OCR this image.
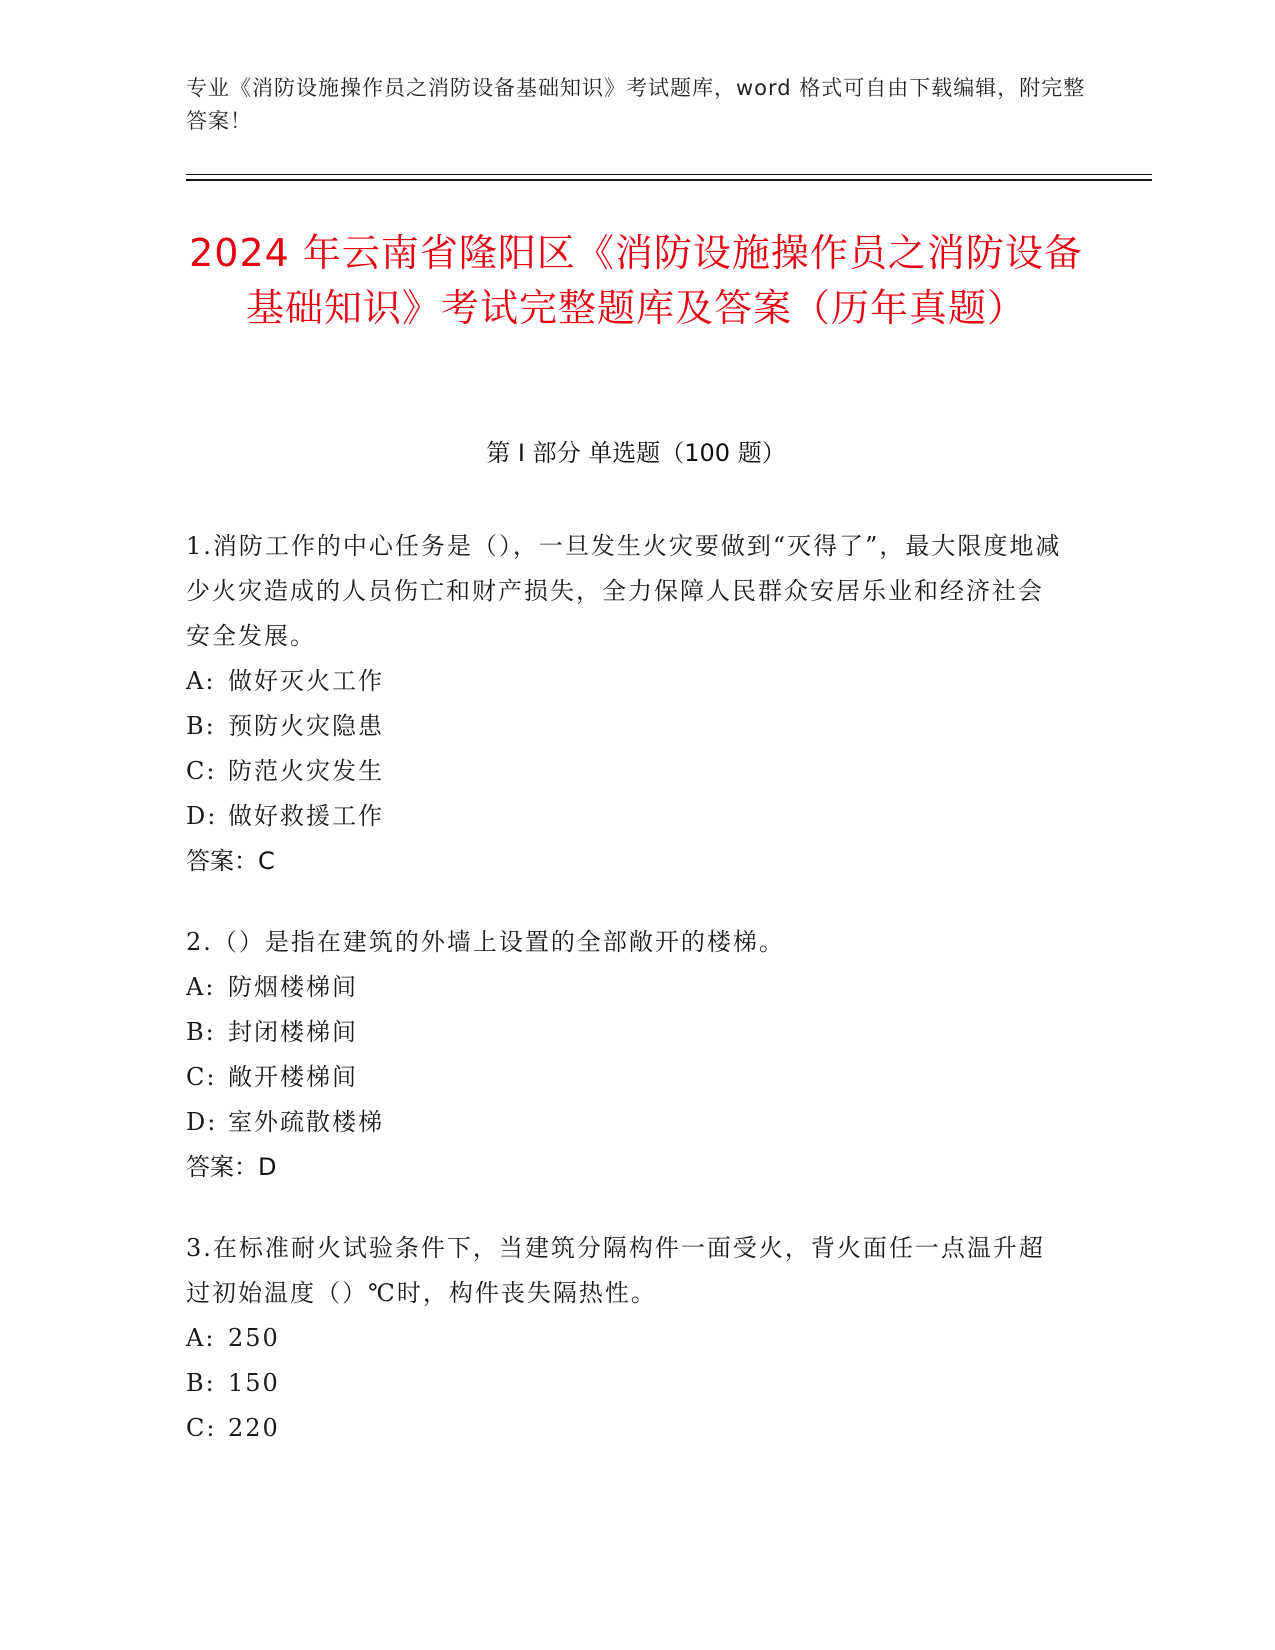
专业《消防设施操作员之消防设备基础知识》考试题库，word 格式可自由下载编辑，附完整答案！
2024 年云南省隆阳区《消防设施操作员之消防设备基础知识》考试完整题库及答案（历年真题）
第 I 部分 单选题（100 题）
1.消防工作的中心任务是（），一旦发生火灾要做到“灭得了”，最大限度地减少火灾造成的人员伤亡和财产损失，全力保障人民群众安居乐业和经济社会安全发展。
A: 做好灭火工作
B: 预防火灾隐患
C: 防范火灾发生
D: 做好救援工作
答案：C
2.（）是指在建筑的外墙上设置的全部敞开的楼梯。
A: 防烟楼梯间
B: 封闭楼梯间
C: 敞开楼梯间
D: 室外疏散楼梯
答案：D
3.在标准耐火试验条件下，当建筑分隔构件一面受火，背火面任一点温升超过初始温度（）℃时，构件丧失隔热性。
A: 250
B: 150
C: 220
